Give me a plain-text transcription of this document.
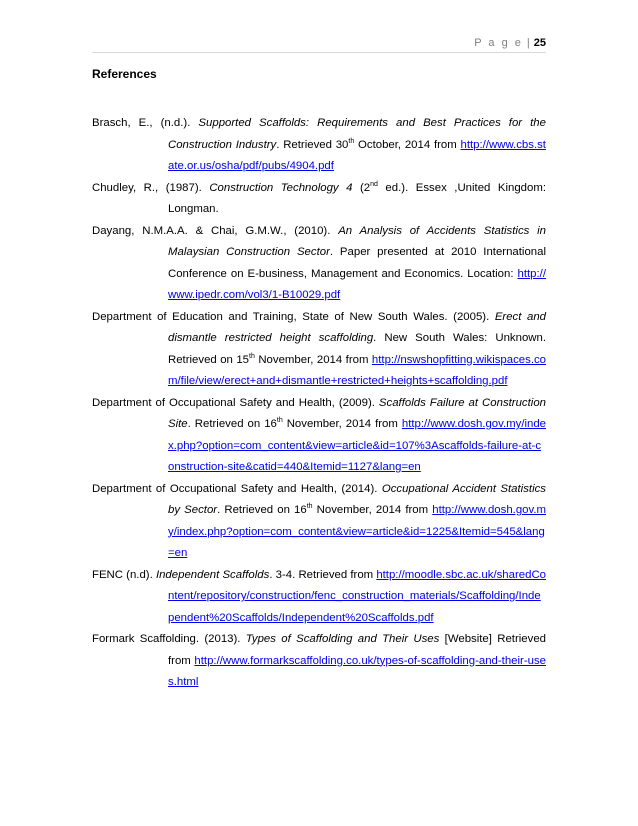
P a g e | 25
References

Brasch, E., (n.d.). Supported Scaffolds: Requirements and Best Practices for the Construction Industry. Retrieved 30th October, 2014 from http://www.cbs.state.or.us/osha/pdf/pubs/4904.pdf

Chudley, R., (1987). Construction Technology 4 (2nd ed.). Essex ,United Kingdom: Longman.

Dayang, N.M.A.A. & Chai, G.M.W., (2010). An Analysis of Accidents Statistics in Malaysian Construction Sector. Paper presented at 2010 International Conference on E-business, Management and Economics. Location: http://www.ipedr.com/vol3/1-B10029.pdf

Department of Education and Training, State of New South Wales. (2005). Erect and dismantle restricted height scaffolding. New South Wales: Unknown. Retrieved on 15th November, 2014 from http://nswshopfitting.wikispaces.com/file/view/erect+and+dismantle+restricted+heights+scaffolding.pdf

Department of Occupational Safety and Health, (2009). Scaffolds Failure at Construction Site. Retrieved on 16th November, 2014 from http://www.dosh.gov.my/index.php?option=com_content&view=article&id=107%3Ascaffolds-failure-at-construction-site&catid=440&Itemid=1127&lang=en

Department of Occupational Safety and Health, (2014). Occupational Accident Statistics by Sector. Retrieved on 16th November, 2014 from http://www.dosh.gov.my/index.php?option=com_content&view=article&id=1225&Itemid=545&lang=en

FENC (n.d). Independent Scaffolds. 3-4. Retrieved from http://moodle.sbc.ac.uk/sharedContent/repository/construction/fenc_construction_materials/Scaffolding/Independent%20Scaffolds/Independent%20Scaffolds.pdf

Formark Scaffolding. (2013). Types of Scaffolding and Their Uses [Website] Retrieved from http://www.formarkscaffolding.co.uk/types-of-scaffolding-and-their-uses.html
